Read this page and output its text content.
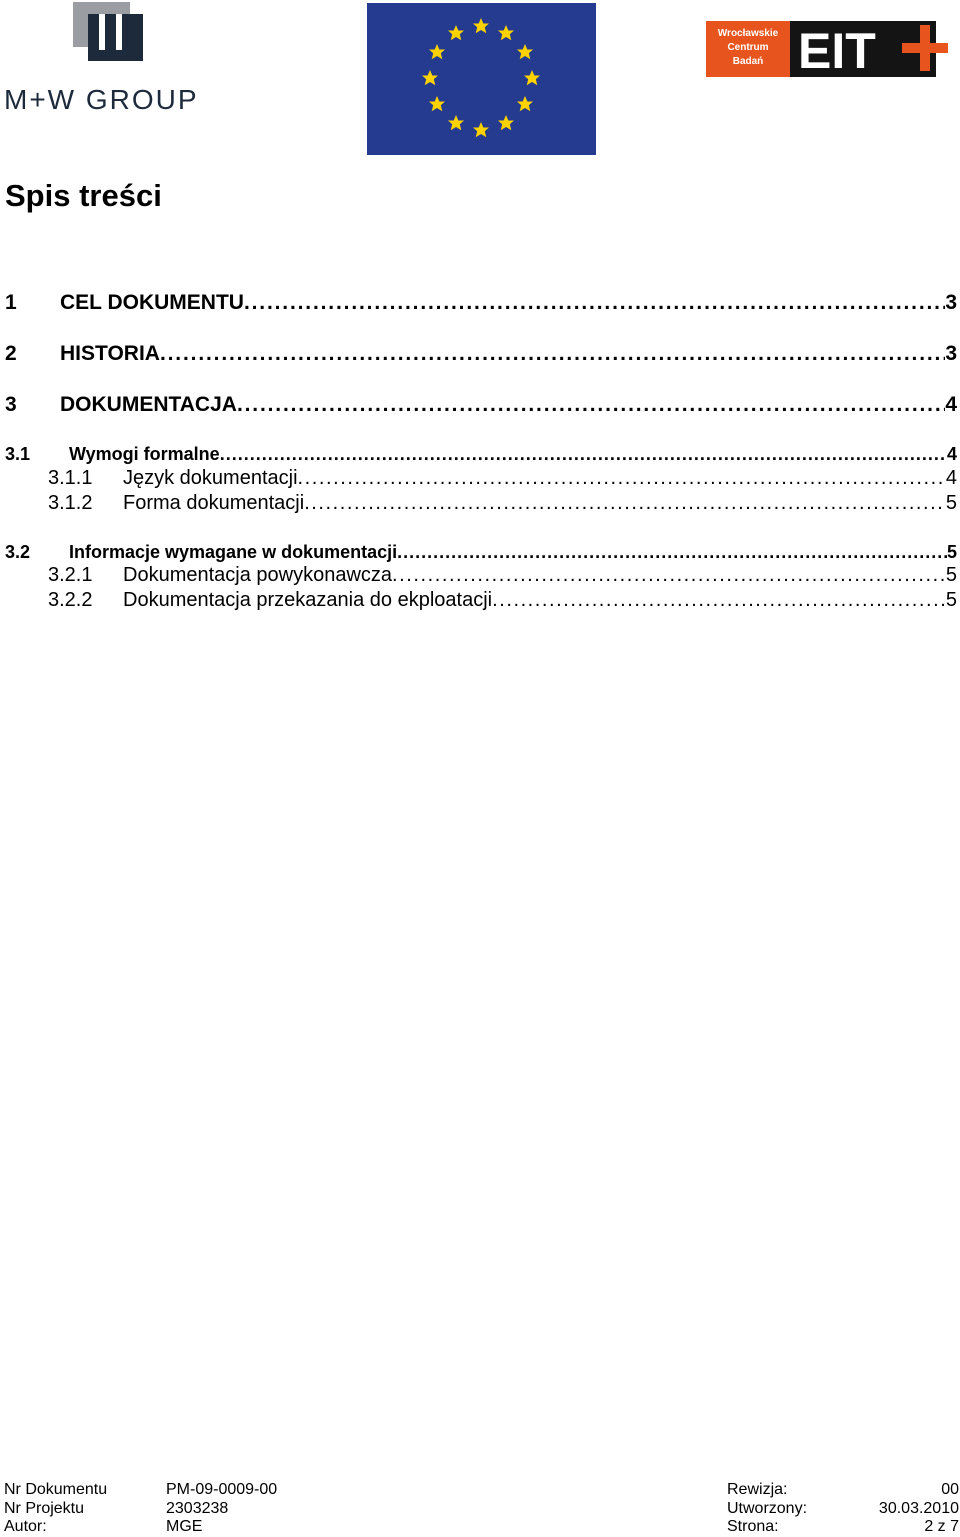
M+W GROUP
Wrocławskie
Centrum
Badań EIT
Spis treści
1	CEL DOKUMENTU . . .	3
2	HISTORIA . . .	3
3	DOKUMENTACJA . . .	4
3.1	Wymogi formalne . . .	4
3.1.1	Język dokumentacji . . .	4
3.1.2	Forma dokumentacji . . .	5
3.2	Informacje wymagane w dokumentacji . . .	5
3.2.1	Dokumentacja powykonawcza . . .	5
3.2.2	Dokumentacja przekazania do ekploatacji . . .	5
Nr Dokumentu	PM-09-0009-00	Rewizja:	00
Nr Projektu	2303238	Utworzony:	30.03.2010
Autor:	MGE	Strona:	2 z 7
